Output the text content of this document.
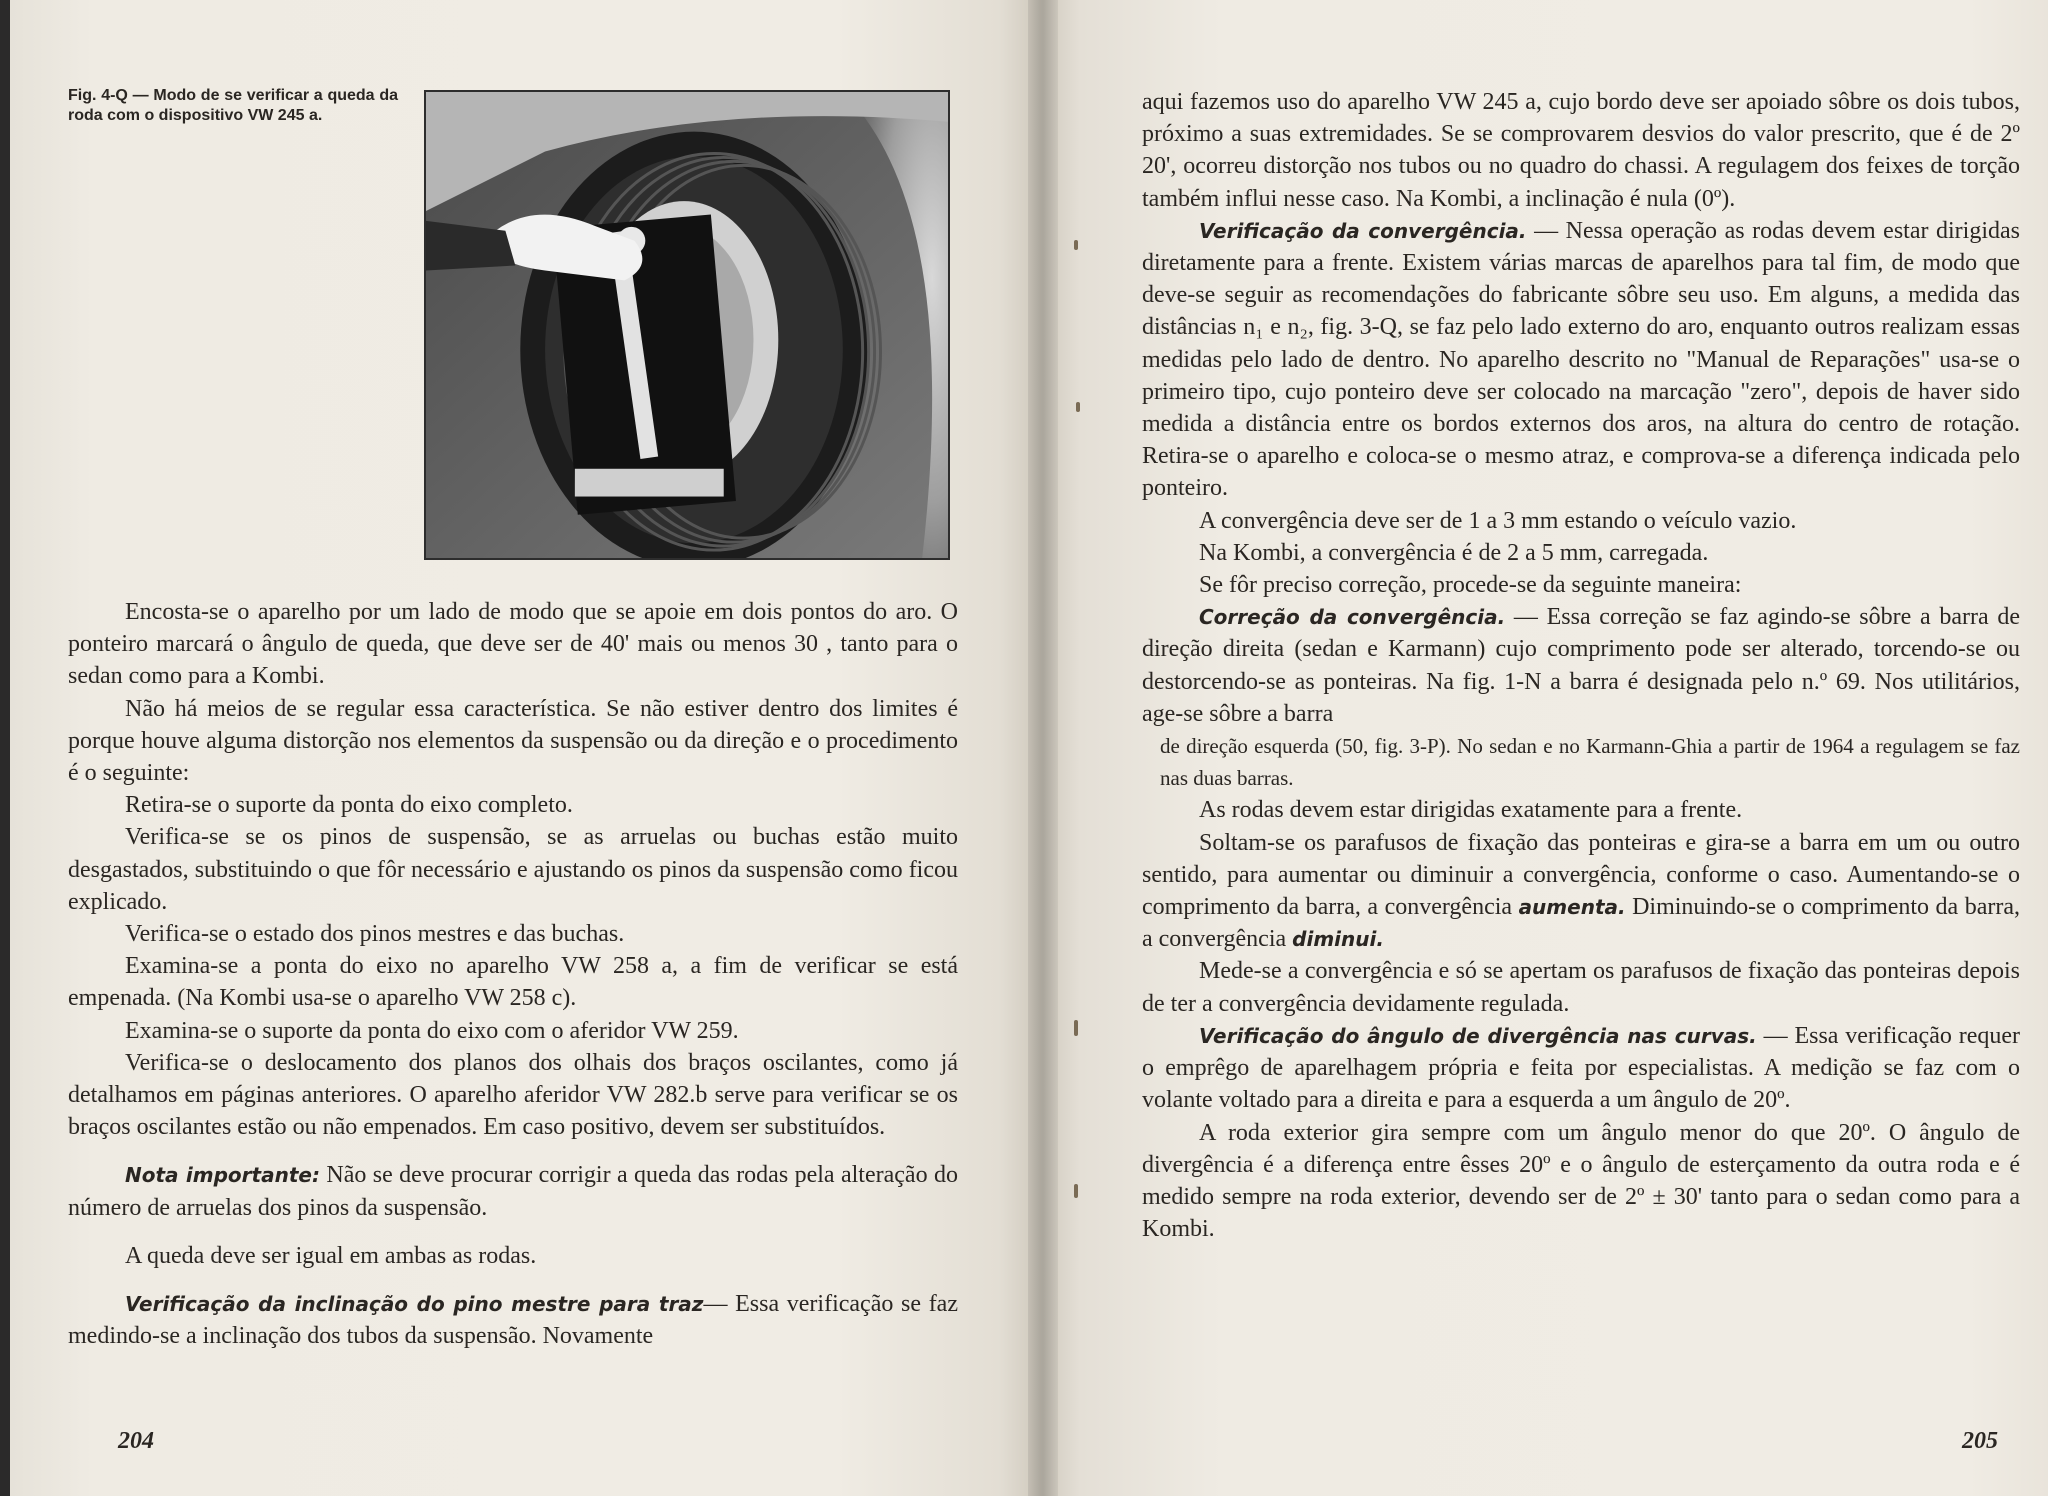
Fig. 4-Q — Modo de se verificar a queda da roda com o dispositivo VW 245 a.

Encosta-se o aparelho por um lado de modo que se apoie em dois pontos do aro. O ponteiro marcará o ângulo de queda, que deve ser de 40' mais ou menos 30 , tanto para o sedan como para a Kombi.

Não há meios de se regular essa característica. Se não estiver dentro dos limites é porque houve alguma distorção nos elementos da suspensão ou da direção e o procedimento é o seguinte:

Retira-se o suporte da ponta do eixo completo.

Verifica-se se os pinos de suspensão, se as arruelas ou buchas estão muito desgastados, substituindo o que fôr necessário e ajustando os pinos da suspensão como ficou explicado.

Verifica-se o estado dos pinos mestres e das buchas.

Examina-se a ponta do eixo no aparelho VW 258 a, a fim de verificar se está empenada. (Na Kombi usa-se o aparelho VW 258 c).

Examina-se o suporte da ponta do eixo com o aferidor VW 259.

Verifica-se o deslocamento dos planos dos olhais dos braços oscilantes, como já detalhamos em páginas anteriores. O aparelho aferidor VW 282.b serve para verificar se os braços oscilantes estão ou não empenados. Em caso positivo, devem ser substituídos.

Nota importante: Não se deve procurar corrigir a queda das rodas pela alteração do número de arruelas dos pinos da suspensão.

A queda deve ser igual em ambas as rodas.

Verificação da inclinação do pino mestre para traz— Essa verificação se faz medindo-se a inclinação dos tubos da suspensão. Novamente

204

aqui fazemos uso do aparelho VW 245 a, cujo bordo deve ser apoiado sôbre os dois tubos, próximo a suas extremidades. Se se comprovarem desvios do valor prescrito, que é de 2º 20', ocorreu distorção nos tubos ou no quadro do chassi. A regulagem dos feixes de torção também influi nesse caso. Na Kombi, a inclinação é nula (0º).

Verificação da convergência. — Nessa operação as rodas devem estar dirigidas diretamente para a frente. Existem várias marcas de aparelhos para tal fim, de modo que deve-se seguir as recomendações do fabricante sôbre seu uso. Em alguns, a medida das distâncias n₁ e n₂, fig. 3-Q, se faz pelo lado externo do aro, enquanto outros realizam essas medidas pelo lado de dentro. No aparelho descrito no "Manual de Reparações" usa-se o primeiro tipo, cujo ponteiro deve ser colocado na marcação "zero", depois de haver sido medida a distância entre os bordos externos dos aros, na altura do centro de rotação. Retira-se o aparelho e coloca-se o mesmo atraz, e comprova-se a diferença indicada pelo ponteiro.

A convergência deve ser de 1 a 3 mm estando o veículo vazio.

Na Kombi, a convergência é de 2 a 5 mm, carregada.

Se fôr preciso correção, procede-se da seguinte maneira:

Correção da convergência. — Essa correção se faz agindo-se sôbre a barra de direção direita (sedan e Karmann) cujo comprimento pode ser alterado, torcendo-se ou destorcendo-se as ponteiras. Na fig. 1-N a barra é designada pelo n.º 69. Nos utilitários, age-se sôbre a barra

de direção esquerda (50, fig. 3-P). No sedan e no Karmann-Ghia a partir de 1964 a regulagem se faz nas duas barras.

As rodas devem estar dirigidas exatamente para a frente.

Soltam-se os parafusos de fixação das ponteiras e gira-se a barra em um ou outro sentido, para aumentar ou diminuir a convergência, conforme o caso. Aumentando-se o comprimento da barra, a convergência aumenta. Diminuindo-se o comprimento da barra, a convergência diminui.

Mede-se a convergência e só se apertam os parafusos de fixação das ponteiras depois de ter a convergência devidamente regulada.

Verificação do ângulo de divergência nas curvas. — Essa verificação requer o emprêgo de aparelhagem própria e feita por especialistas. A medição se faz com o volante voltado para a direita e para a esquerda a um ângulo de 20º.

A roda exterior gira sempre com um ângulo menor do que 20º. O ângulo de divergência é a diferença entre êsses 20º e o ângulo de esterçamento da outra roda e é medido sempre na roda exterior, devendo ser de 2º ± 30' tanto para o sedan como para a Kombi.

205
